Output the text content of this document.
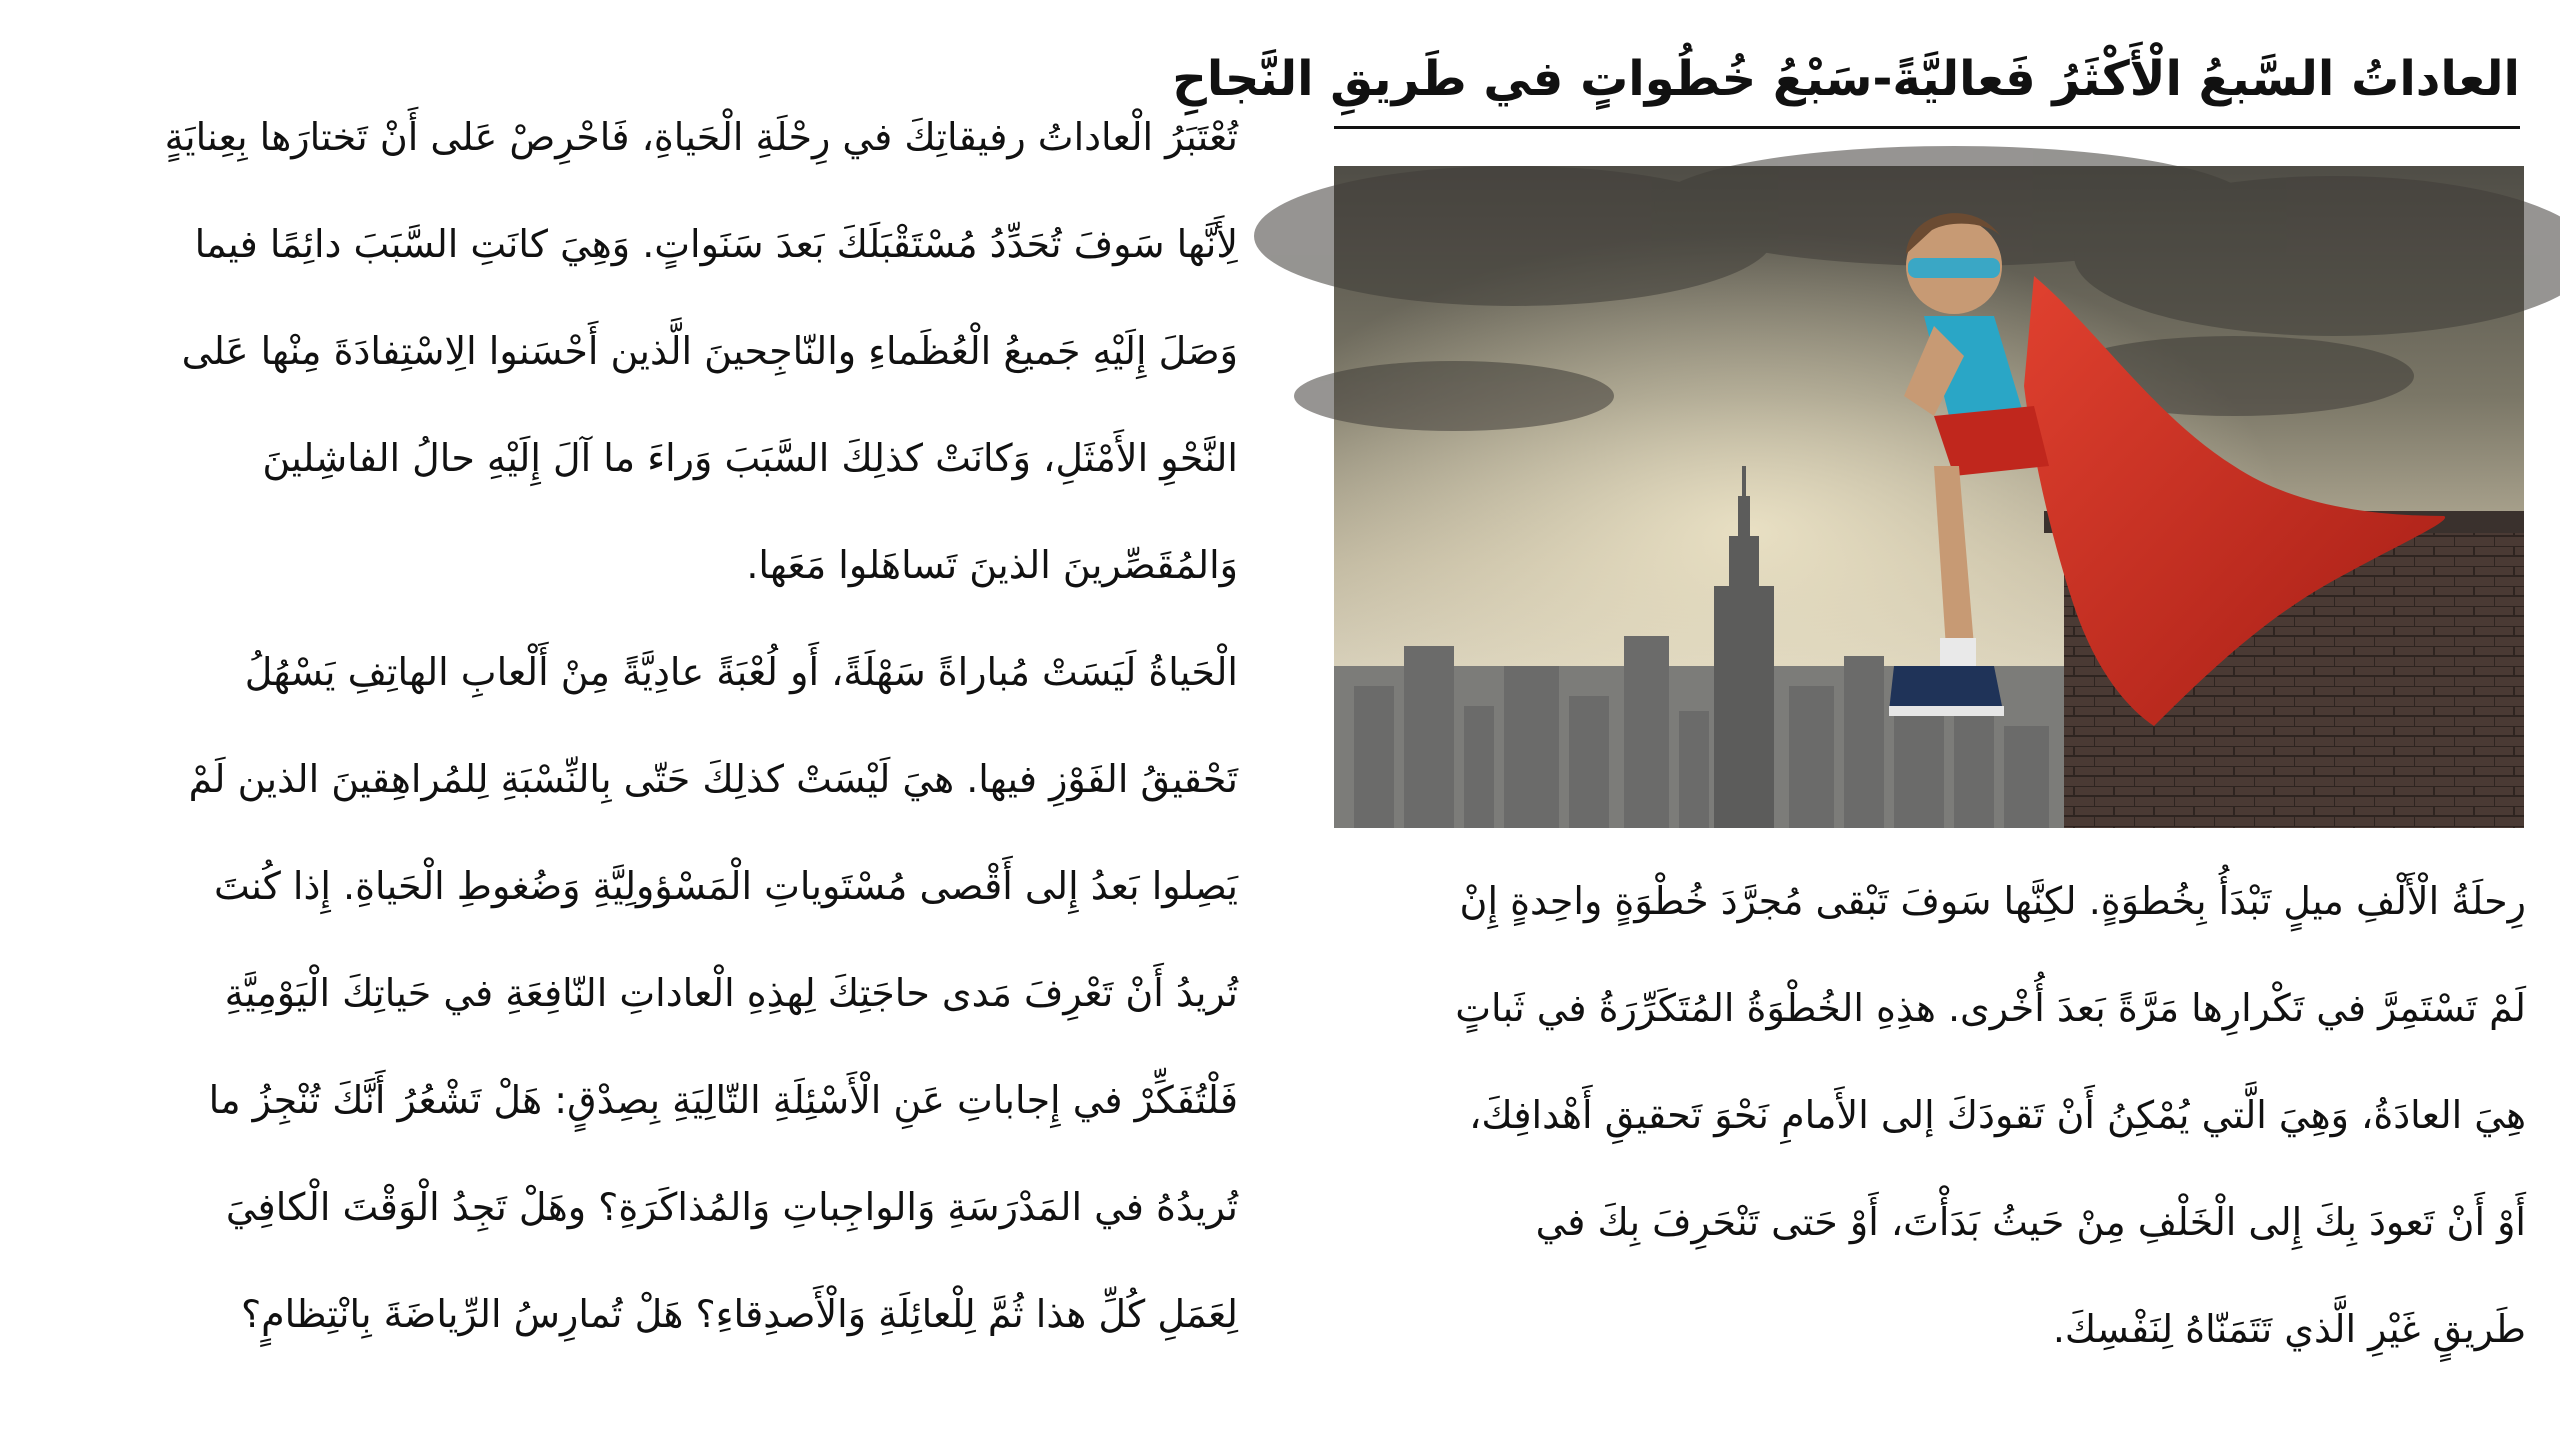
العاداتُ السَّبعُ الْأَكْثَرُ فَعاليَّةً-سَبْعُ خُطُواتٍ في طَريقِ النَّجاحِ
رِحلَةُ الْأَلْفِ ميلٍ تَبْدَأُ بِخُطوَةٍ. لكِنَّها سَوفَ تَبْقى مُجرَّدَ خُطْوَةٍ واحِدةٍ إِنْ
لَمْ تَسْتَمِرَّ في تَكْرارِها مَرَّةً بَعدَ أُخْرى. هذِهِ الخُطْوَةُ المُتَكَرِّرَةُ في ثَباتٍ
هِيَ العادَةُ، وَهِيَ الَّتي يُمْكِنُ أَنْ تَقودَكَ إلى الأَمامِ نَحْوَ تَحقيقِ أَهْدافِكَ،
أَوْ أَنْ تَعودَ بِكَ إِلى الْخَلْفِ مِنْ حَيثُ بَدَأْتَ، أَوْ حَتى تَنْحَرِفَ بِكَ في
طَريقٍ غَيْرِ الَّذي تَتَمَنّاهُ لِنَفْسِكَ.
تُعْتَبَرُ الْعاداتُ رفيقاتِكَ في رِحْلَةِ الْحَياةِ، فَاحْرِصْ عَلى أَنْ تَختارَها بِعِنايَةٍ
لِأَنَّها سَوفَ تُحَدِّدُ مُسْتَقْبَلَكَ بَعدَ سَنَواتٍ. وَهِيَ كانَتِ السَّبَبَ دائِمًا فيما
وَصَلَ إِلَيْهِ جَميعُ الْعُظَماءِ والنّاجِحينَ الَّذين أَحْسَنوا الِاسْتِفادَةَ مِنْها عَلى
النَّحْوِ الأَمْثَلِ، وَكانَتْ كذلِكَ السَّبَبَ وَراءَ ما آلَ إِلَيْهِ حالُ الفاشِلينَ
وَالمُقَصِّرينَ الذينَ تَساهَلوا مَعَها.
الْحَياةُ لَيَسَتْ مُباراةً سَهْلَةً، أَو لُعْبَةً عادِيَّةً مِنْ أَلْعابِ الهاتِفِ يَسْهُلُ
تَحْقيقُ الفَوْزِ فيها. هيَ لَيْسَتْ كذلِكَ حَتّى بِالنِّسْبَةِ لِلمُراهِقينَ الذين لَمْ
يَصِلوا بَعدُ إِلى أَقْصى مُسْتَوياتِ الْمَسْؤولِيَّةِ وَضُغوطِ الْحَياةِ. إِذا كُنتَ
تُريدُ أَنْ تَعْرِفَ مَدى حاجَتِكَ لِهذِهِ الْعاداتِ النّافِعَةِ في حَياتِكَ الْيَوْمِيَّةِ
فَلْتُفَكِّرْ في إِجاباتِ عَنِ الْأَسْئِلَةِ التّالِيَةِ بِصِدْقٍ: هَلْ تَشْعُرُ أَنَّكَ تُنْجِزُ ما
تُريدُهُ في المَدْرَسَةِ وَالواجِباتِ وَالمُذاكَرَةِ؟ وهَلْ تَجِدُ الْوَقْتَ الْكافِيَ
لِعَمَلِ كُلِّ هذا ثُمَّ لِلْعائِلَةِ وَالْأَصدِقاءِ؟ هَلْ تُمارِسُ الرِّياضَةَ بِانْتِظامٍ؟
